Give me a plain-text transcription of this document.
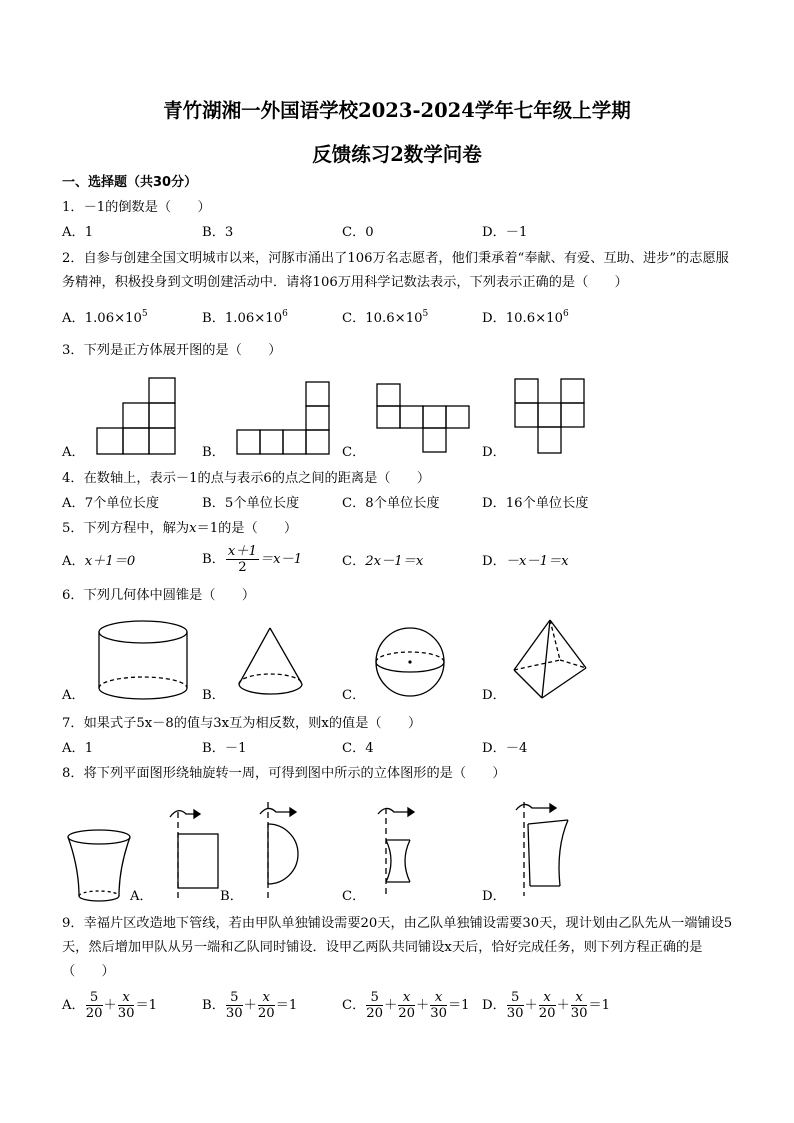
青竹湖湘一外国语学校2023-2024学年七年级上学期
反馈练习2数学问卷
一、选择题（共30分）
1．－1的倒数是（　　）
A．1	B．3	C．0	D．－1
2．自参与创建全国文明城市以来，河豚市涌出了106万名志愿者，他们秉承着“奉献、有爱、互助、进步”的志愿服务精神，积极投身到文明创建活动中．请将106万用科学记数法表示，下列表示正确的是（　　）
A．$1.06\times 10^5$	B．$1.06\times 10^6$	C．$10.6\times 10^5$	D．$10.6\times 10^6$
3．下列是正方体展开图的是（　　）
A．	B．	C．	D．
4．在数轴上，表示－1的点与表示6的点之间的距离是（　　）
A．7个单位长度	B．5个单位长度	C．8个单位长度	D．16个单位长度
5．下列方程中，解为x＝1的是（　　）
A．x＋1＝0	B． $\frac{x+1}{2} =x-1$	C．2x－1＝x	D．－x－1＝x
6．下列几何体中圆锥是（　　）
A．	B．	C．	D．
7．如果式子5x－8的值与3x互为相反数，则x的值是（　　）
A．1	B．－1	C．4	D．－4
8．将下列平面图形绕轴旋转一周，可得到图中所示的立体图形的是（　　）
A．	B．	C．	D．
9．幸福片区改造地下管线，若由甲队单独铺设需要20天，由乙队单独铺设需要30天，现计划由乙队先从一端铺设5天，然后增加甲队从另一端和乙队同时铺设．设甲乙两队共同铺设x天后，恰好完成任务，则下列方程正确的是（　　）
A． $\frac{5}{20} + \frac{x}{30} =1$	B． $\frac{5}{30} + \frac{x}{20} =1$	C． $\frac{5}{20} + \frac{x}{20} + \frac{x}{30} =1$ D． $\frac{5}{30} + \frac{x}{20} + \frac{x}{30} =1$
